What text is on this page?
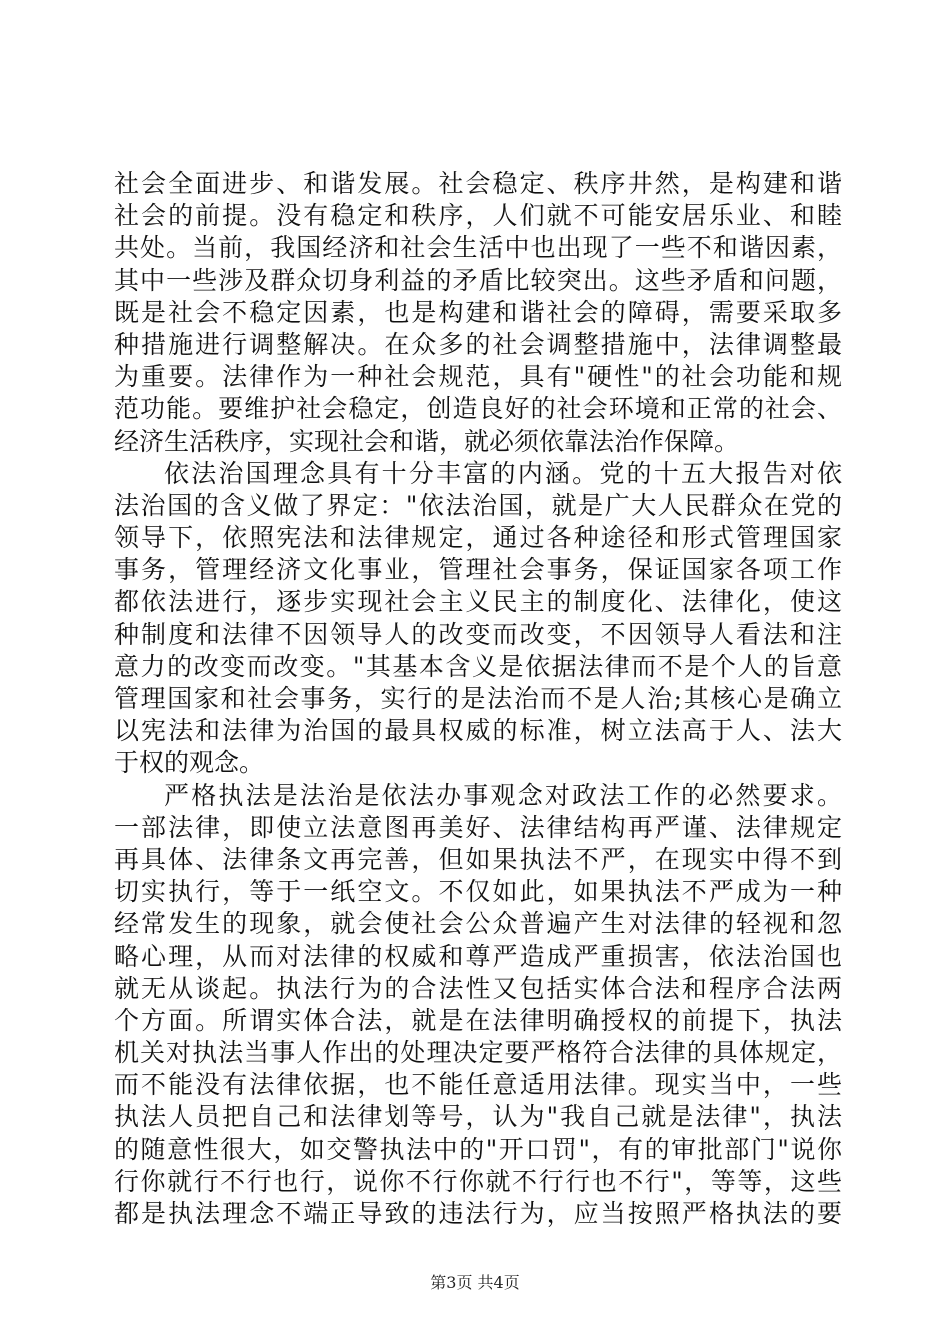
社会全面进步、和谐发展。社会稳定、秩序井然，是构建和谐
社会的前提。没有稳定和秩序，人们就不可能安居乐业、和睦
共处。当前，我国经济和社会生活中也出现了一些不和谐因素，
其中一些涉及群众切身利益的矛盾比较突出。这些矛盾和问题，
既是社会不稳定因素，也是构建和谐社会的障碍，需要采取多
种措施进行调整解决。在众多的社会调整措施中，法律调整最
为重要。法律作为一种社会规范，具有"硬性"的社会功能和规
范功能。要维护社会稳定，创造良好的社会环境和正常的社会、
经济生活秩序，实现社会和谐，就必须依靠法治作保障。
依法治国理念具有十分丰富的内涵。党的十五大报告对依
法治国的含义做了界定："依法治国，就是广大人民群众在党的
领导下，依照宪法和法律规定，通过各种途径和形式管理国家
事务，管理经济文化事业，管理社会事务，保证国家各项工作
都依法进行，逐步实现社会主义民主的制度化、法律化，使这
种制度和法律不因领导人的改变而改变，不因领导人看法和注
意力的改变而改变。"其基本含义是依据法律而不是个人的旨意
管理国家和社会事务，实行的是法治而不是人治;其核心是确立
以宪法和法律为治国的最具权威的标准，树立法高于人、法大
于权的观念。
严格执法是法治是依法办事观念对政法工作的必然要求。
一部法律，即使立法意图再美好、法律结构再严谨、法律规定
再具体、法律条文再完善，但如果执法不严，在现实中得不到
切实执行，等于一纸空文。不仅如此，如果执法不严成为一种
经常发生的现象，就会使社会公众普遍产生对法律的轻视和忽
略心理，从而对法律的权威和尊严造成严重损害，依法治国也
就无从谈起。执法行为的合法性又包括实体合法和程序合法两
个方面。所谓实体合法，就是在法律明确授权的前提下，执法
机关对执法当事人作出的处理决定要严格符合法律的具体规定，
而不能没有法律依据，也不能任意适用法律。现实当中，一些
执法人员把自己和法律划等号，认为"我自己就是法律"，执法
的随意性很大，如交警执法中的"开口罚"，有的审批部门"说你
行你就行不行也行，说你不行你就不行行也不行"，等等，这些
都是执法理念不端正导致的违法行为，应当按照严格执法的要
第3页 共4页
